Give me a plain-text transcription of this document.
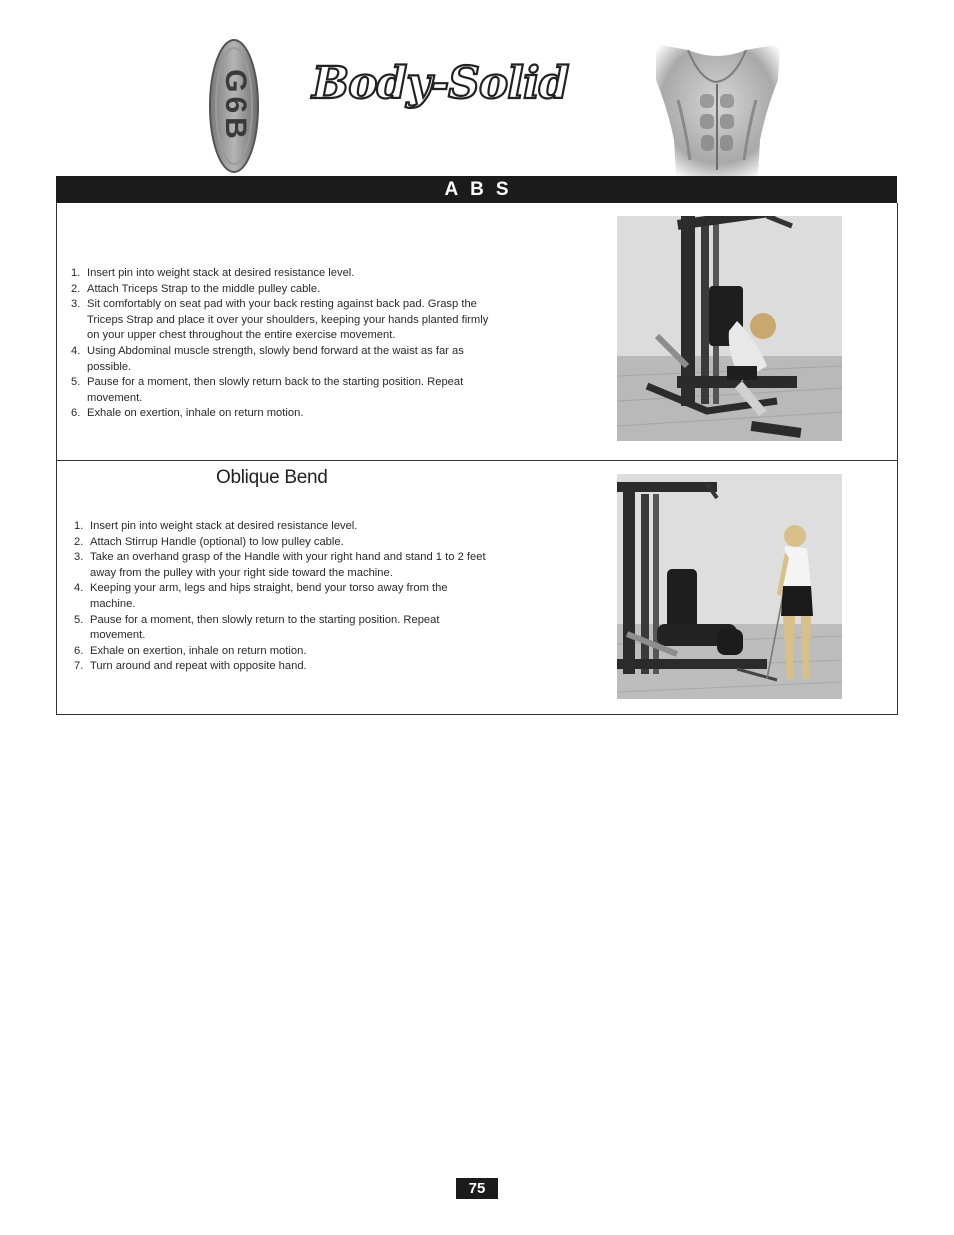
G6B Body-Solid
ABS
1. Insert pin into weight stack at desired resistance level.
2. Attach Triceps Strap to the middle pulley cable.
3. Sit comfortably on seat pad with your back resting against back pad. Grasp the Triceps Strap and place it over your shoulders, keeping your hands planted firmly on your upper chest throughout the entire exercise movement.
4. Using Abdominal muscle strength, slowly bend forward at the waist as far as possible.
5. Pause for a moment, then slowly return back to the starting position. Repeat movement.
6. Exhale on exertion, inhale on return motion.
Oblique Bend
1. Insert pin into weight stack at desired resistance level.
2. Attach Stirrup Handle (optional) to low pulley cable.
3. Take an overhand grasp of the Handle with your right hand and stand 1 to 2 feet away from the pulley with your right side toward the machine.
4. Keeping your arm, legs and hips straight, bend your torso away from the machine.
5. Pause for a moment, then slowly return to the starting position. Repeat movement.
6. Exhale on exertion, inhale on return motion.
7. Turn around and repeat with opposite hand.
75
